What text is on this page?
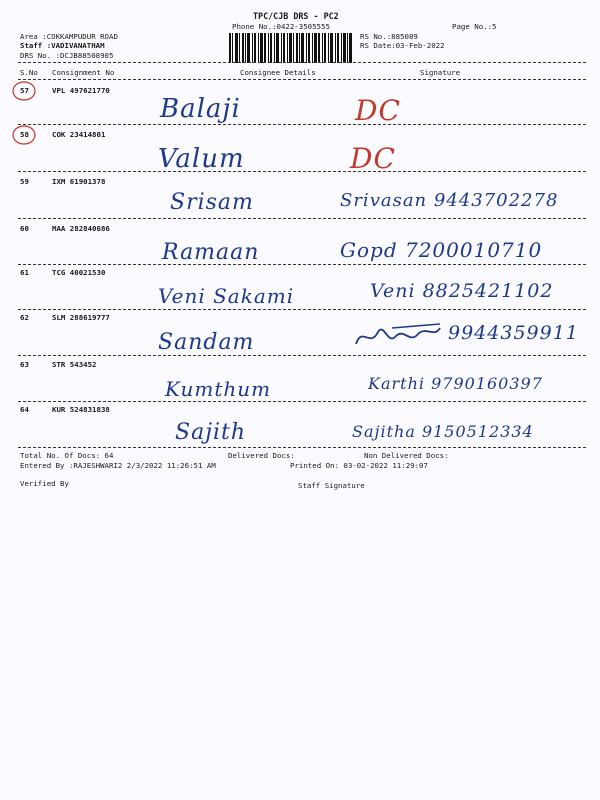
TPC/CJB DRS - PC2
Phone No.:0422-3505555	Page No.:5
Area :COKKAMPUDUR ROAD
Staff :VADIVANATHAM
DRS No. :DCJB88508905
RS No.:885089
RS Date:03-Feb-2022
S.No Consignment No	Consignee Details	Signature
57	VPL 497621770
Balaji	DC
58	COK 23414801
Valum	DC
59	IXM 61901378
Srisam	Srivasan 9443702278
60	MAA 282840686
Ramaan	Gopd 7200010710
61	TCG 40021530
Veni Sakami	Veni 8825421102
62	SLM 288619777
Sandam	9944359911
63	STR 543452
Kumthum	Karthi 9790160397
64	KUR 524831838
Sajith	Sajitha 9150512334
Total No. Of Docs: 64	Delivered Docs:	Non Delivered Docs:
Entered By :RAJESHWARI2 2/3/2022 11:26:51 AM	Printed On: 03-02-2022 11:29:07
Verified By	Staff Signature
